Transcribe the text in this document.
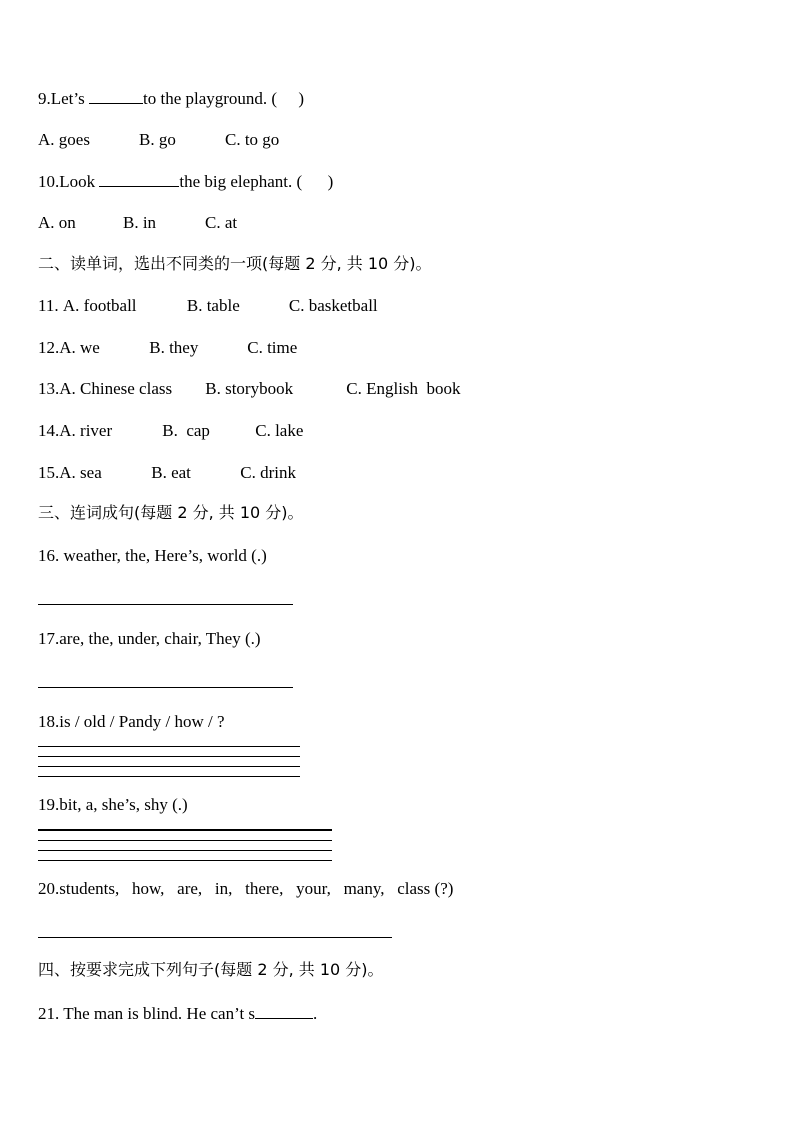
9.Let’s	to the playground. (     )
A. goes	B. go	C. to go
10.Look	the big elephant. (      )
A. on	B. in	C. at
二、读单词，选出不同类的一项(每题 2 分, 共 10 分)。
11. A. football	B. table	C. basketball
12.A. we	B. they	C. time
13.A. Chinese class B. storybook	C. English  book
14.A. river	B.  cap	C. lake
15.A. sea	B. eat	C. drink
三、连词成句(每题 2 分, 共 10 分)。
16. weather, the, Here’s, world (.)
17.are, the, under, chair, They (.)
18.is / old / Pandy / how / ?
19.bit, a, she’s, shy (.)
20.students,   how,   are,   in,   there,   your,   many,   class (?)
四、按要求完成下列句子(每题 2 分, 共 10 分)。
21. The man is blind. He can’t s	.
